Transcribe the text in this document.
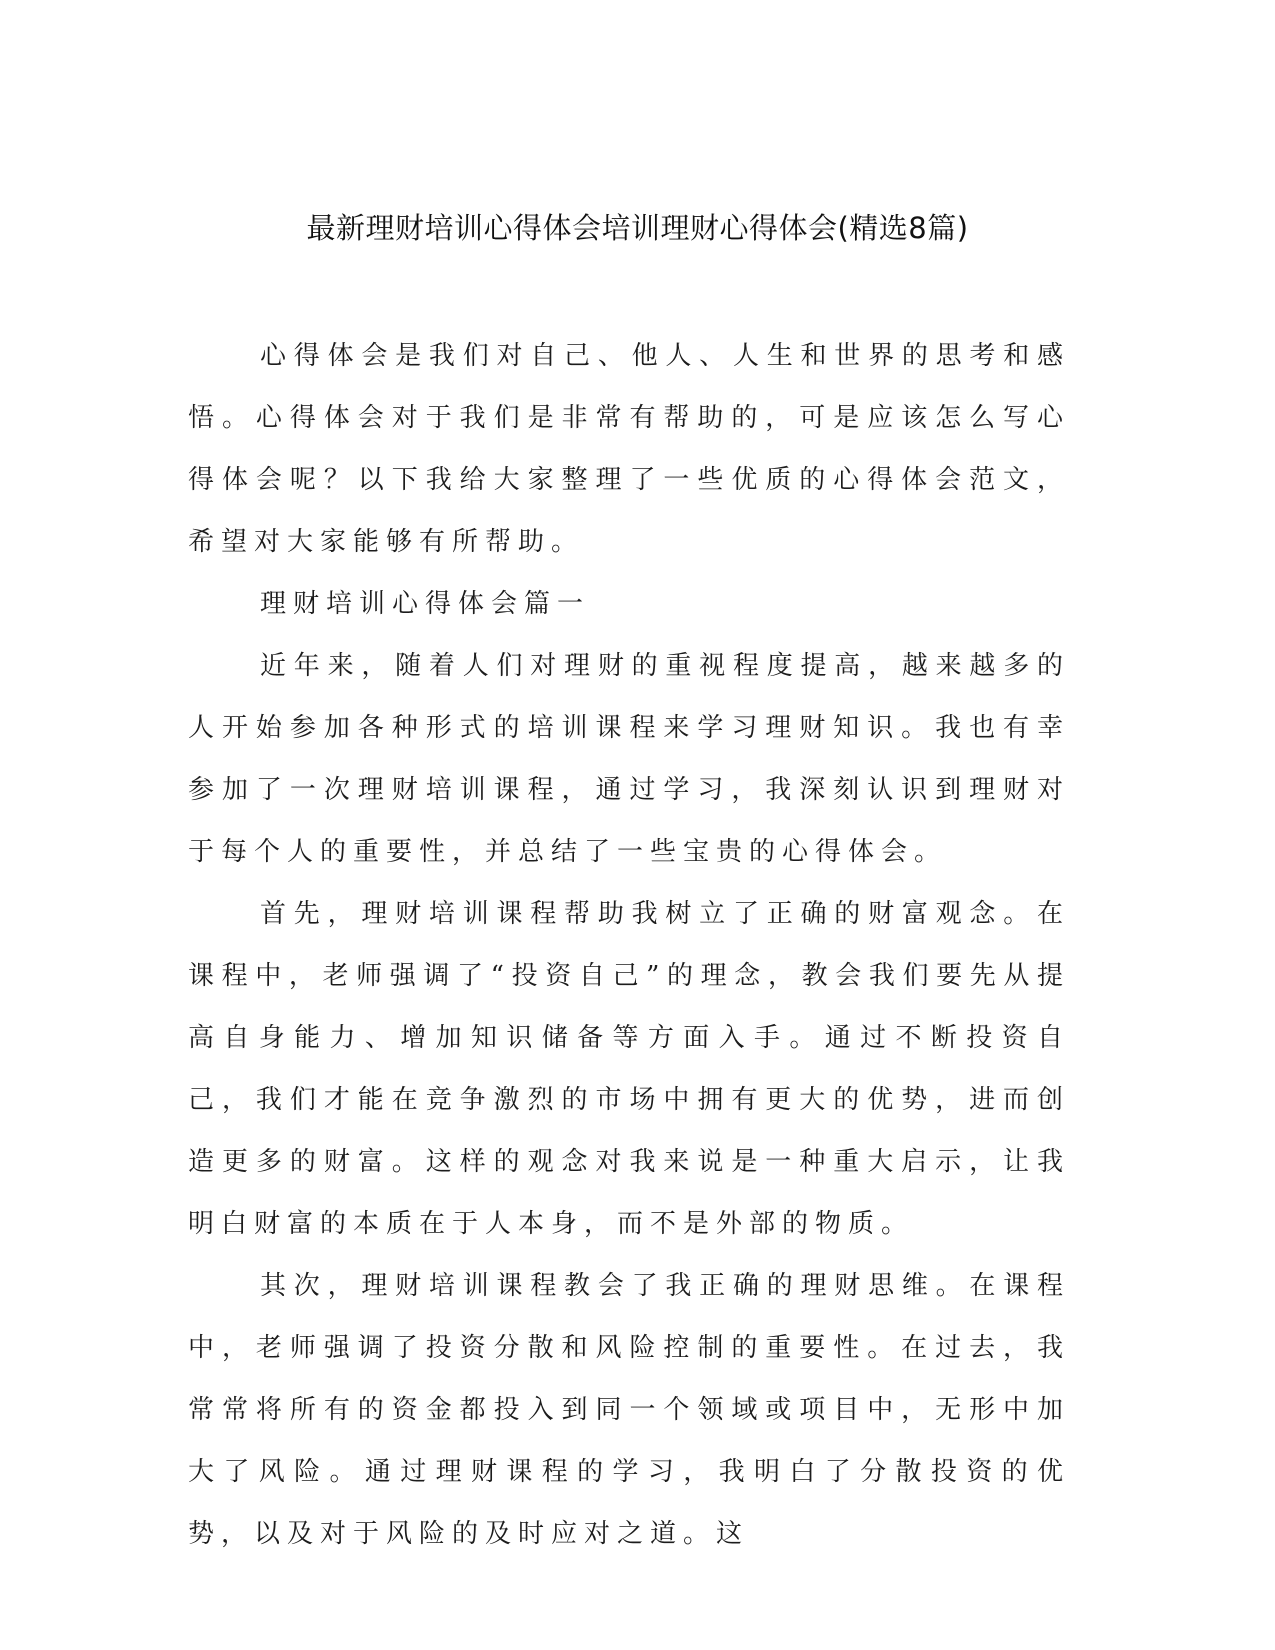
最新理财培训心得体会培训理财心得体会(精选8篇)

心得体会是我们对自己、他人、人生和世界的思考和感悟。心得体会对于我们是非常有帮助的，可是应该怎么写心得体会呢？以下我给大家整理了一些优质的心得体会范文，希望对大家能够有所帮助。

理财培训心得体会篇一

近年来，随着人们对理财的重视程度提高，越来越多的人开始参加各种形式的培训课程来学习理财知识。我也有幸参加了一次理财培训课程，通过学习，我深刻认识到理财对于每个人的重要性，并总结了一些宝贵的心得体会。

首先，理财培训课程帮助我树立了正确的财富观念。在课程中，老师强调了“投资自己”的理念，教会我们要先从提高自身能力、增加知识储备等方面入手。通过不断投资自己，我们才能在竞争激烈的市场中拥有更大的优势，进而创造更多的财富。这样的观念对我来说是一种重大启示，让我明白财富的本质在于人本身，而不是外部的物质。

其次，理财培训课程教会了我正确的理财思维。在课程中，老师强调了投资分散和风险控制的重要性。在过去，我常常将所有的资金都投入到同一个领域或项目中，无形中加大了风险。通过理财课程的学习，我明白了分散投资的优势，以及对于风险的及时应对之道。这
